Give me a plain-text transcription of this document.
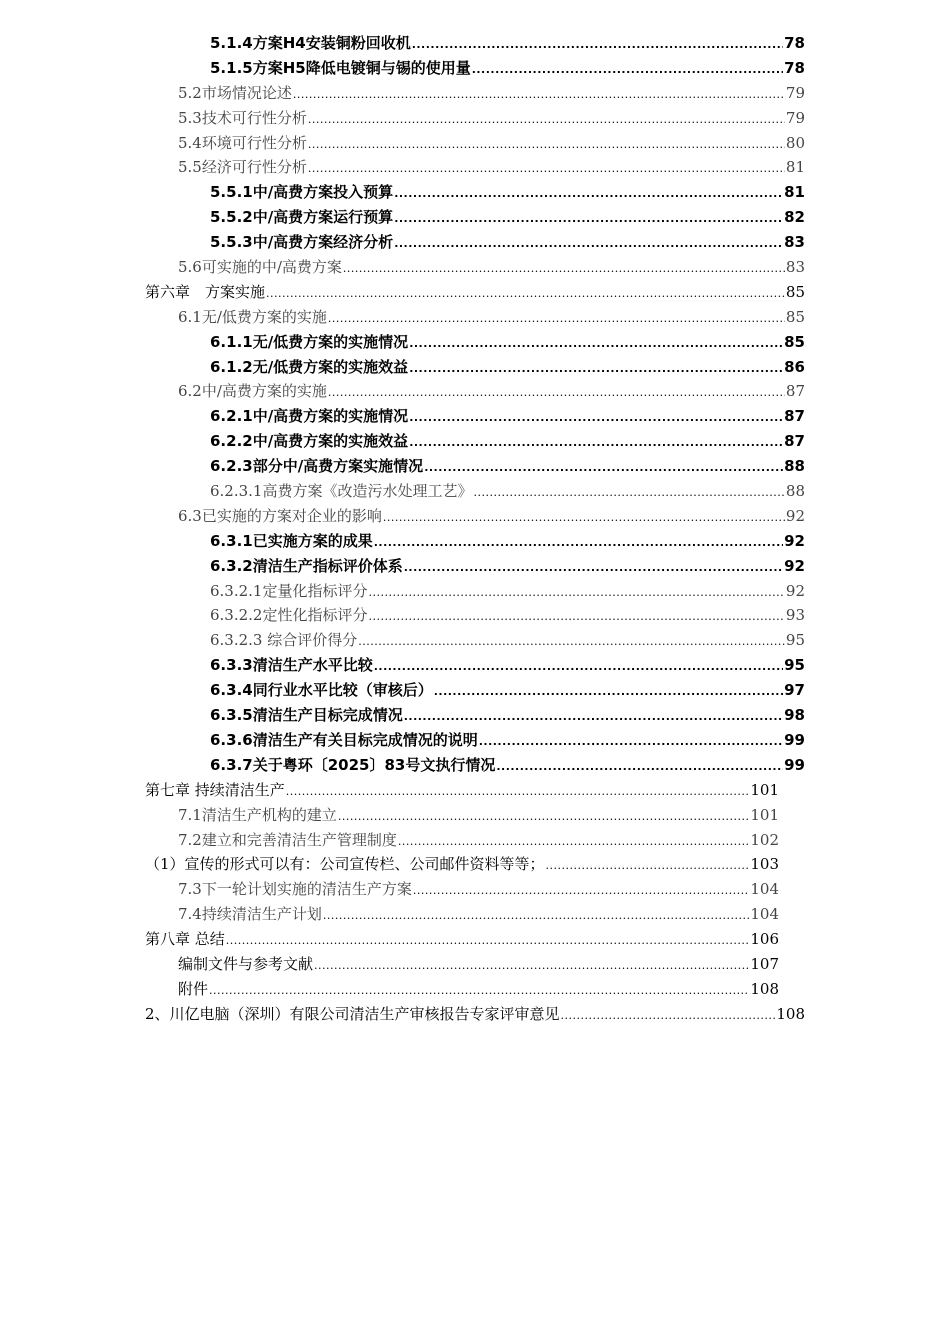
5.1.4方案H4安装铜粉回收机 .....	78
5.1.5方案H5降低电镀铜与锡的使用量 .....	78
5.2市场情况论述 .....	79
5.3技术可行性分析 .....	79
5.4环境可行性分析 .....	80
5.5经济可行性分析 .....	81
5.5.1中/高费方案投入预算 .....	81
5.5.2中/高费方案运行预算 .....	82
5.5.3中/高费方案经济分析 .....	83
5.6可实施的中/高费方案 .....	83
第六章　方案实施 .....	85
6.1无/低费方案的实施 .....	85
6.1.1无/低费方案的实施情况 .....	85
6.1.2无/低费方案的实施效益 .....	86
6.2中/高费方案的实施 .....	87
6.2.1中/高费方案的实施情况 .....	87
6.2.2中/高费方案的实施效益 .....	87
6.2.3部分中/高费方案实施情况 .....	88
6.2.3.1高费方案《改造污水处理工艺》 .....	88
6.3已实施的方案对企业的影响 .....	92
6.3.1已实施方案的成果 .....	92
6.3.2清洁生产指标评价体系 .....	92
6.3.2.1定量化指标评分 .....	92
6.3.2.2定性化指标评分 .....	93
6.3.2.3 综合评价得分 .....	95
6.3.3清洁生产水平比较 .....	95
6.3.4同行业水平比较（审核后） .....	97
6.3.5清洁生产目标完成情况 .....	98
6.3.6清洁生产有关目标完成情况的说明 .....	99
6.3.7关于粤环〔2025〕83号文执行情况 .....	99
第七章 持续清洁生产 .....	101
7.1清洁生产机构的建立 .....	101
7.2建立和完善清洁生产管理制度 .....	102
（1）宣传的形式可以有：公司宣传栏、公司邮件资料等等； .....	103
7.3下一轮计划实施的清洁生产方案 .....	104
7.4持续清洁生产计划 .....	104
第八章 总结 .....	106
编制文件与参考文献 .....	107
附件 .....	108
2、川亿电脑（深圳）有限公司清洁生产审核报告专家评审意见 .....	108
